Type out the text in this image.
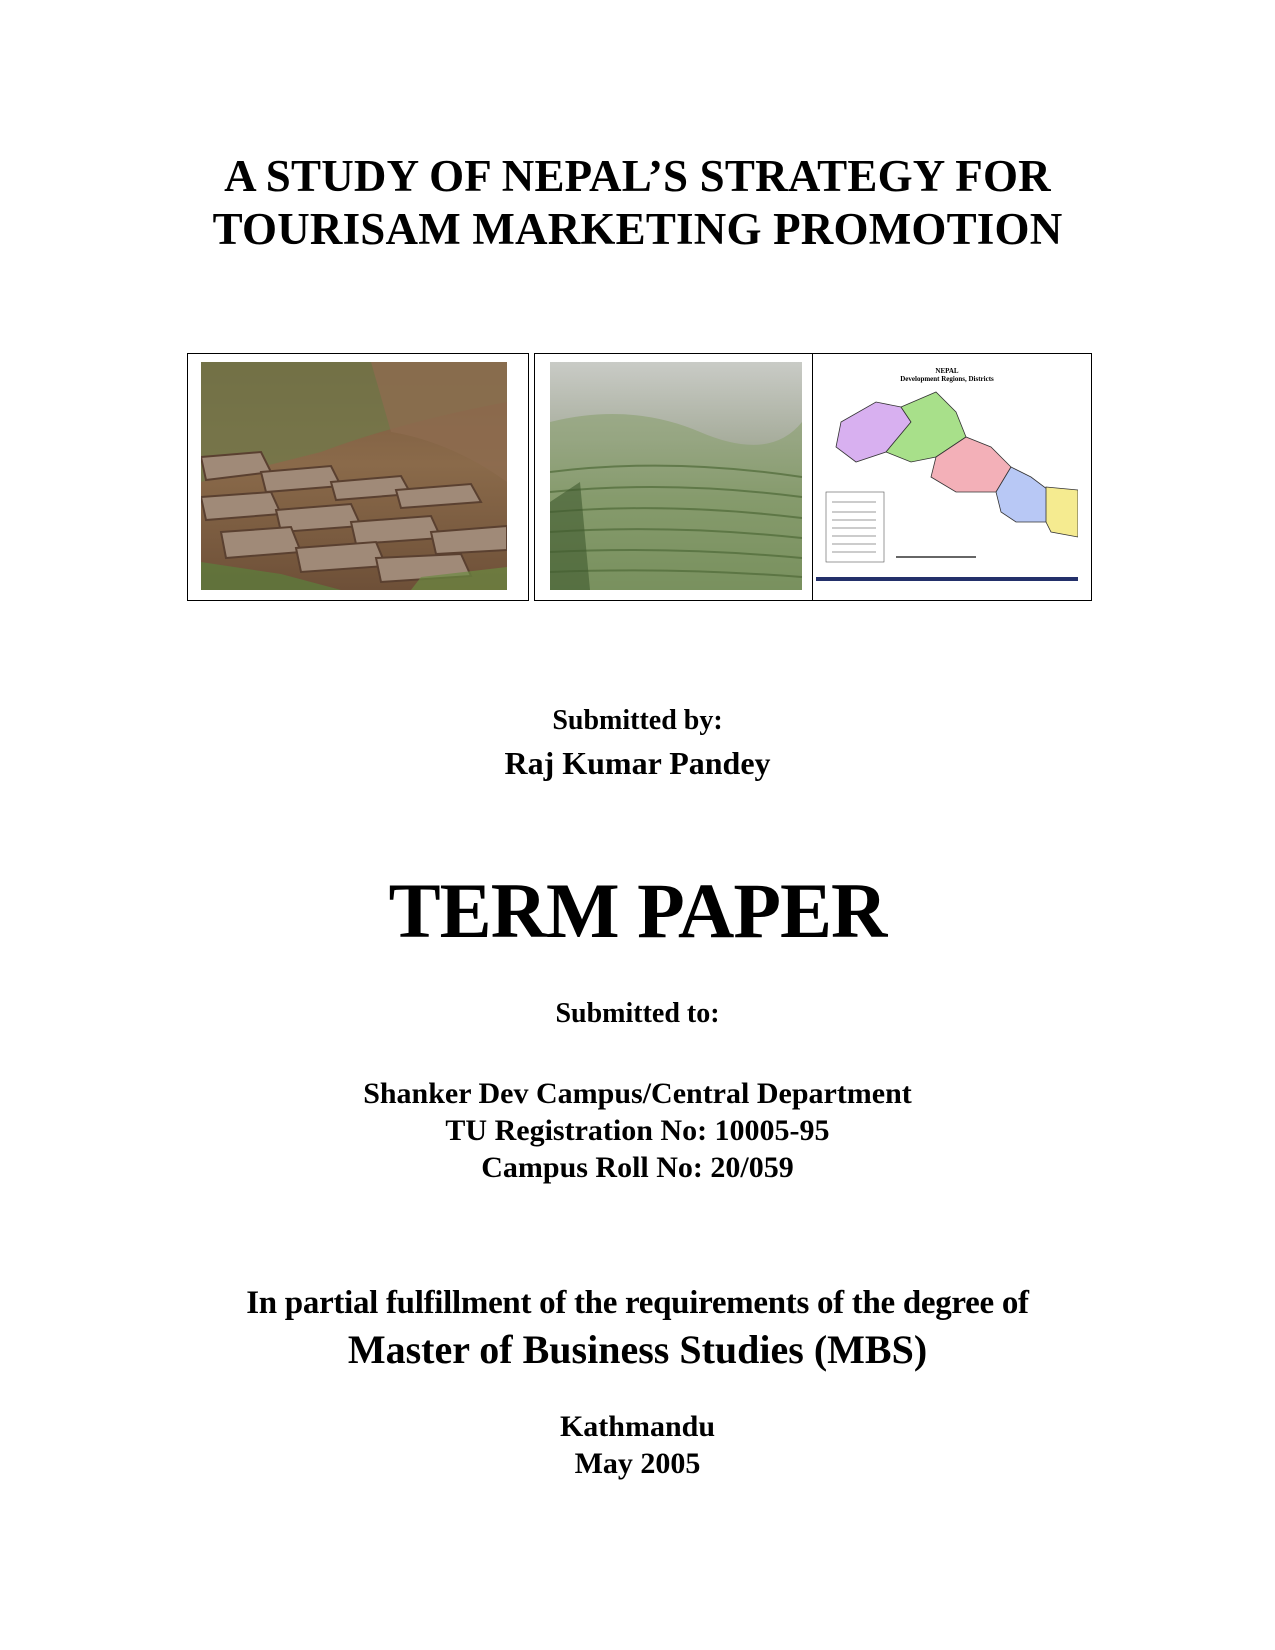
A STUDY OF NEPAL’S STRATEGY FOR
TOURISAM MARKETING PROMOTION
NEPAL
Development Regions, Districts
Submitted by:
Raj Kumar Pandey
TERM PAPER
Submitted to:
Shanker Dev Campus/Central Department
TU Registration No: 10005-95
Campus Roll No: 20/059
In partial fulfillment of the requirements of the degree of
Master of Business Studies (MBS)
Kathmandu
May 2005
